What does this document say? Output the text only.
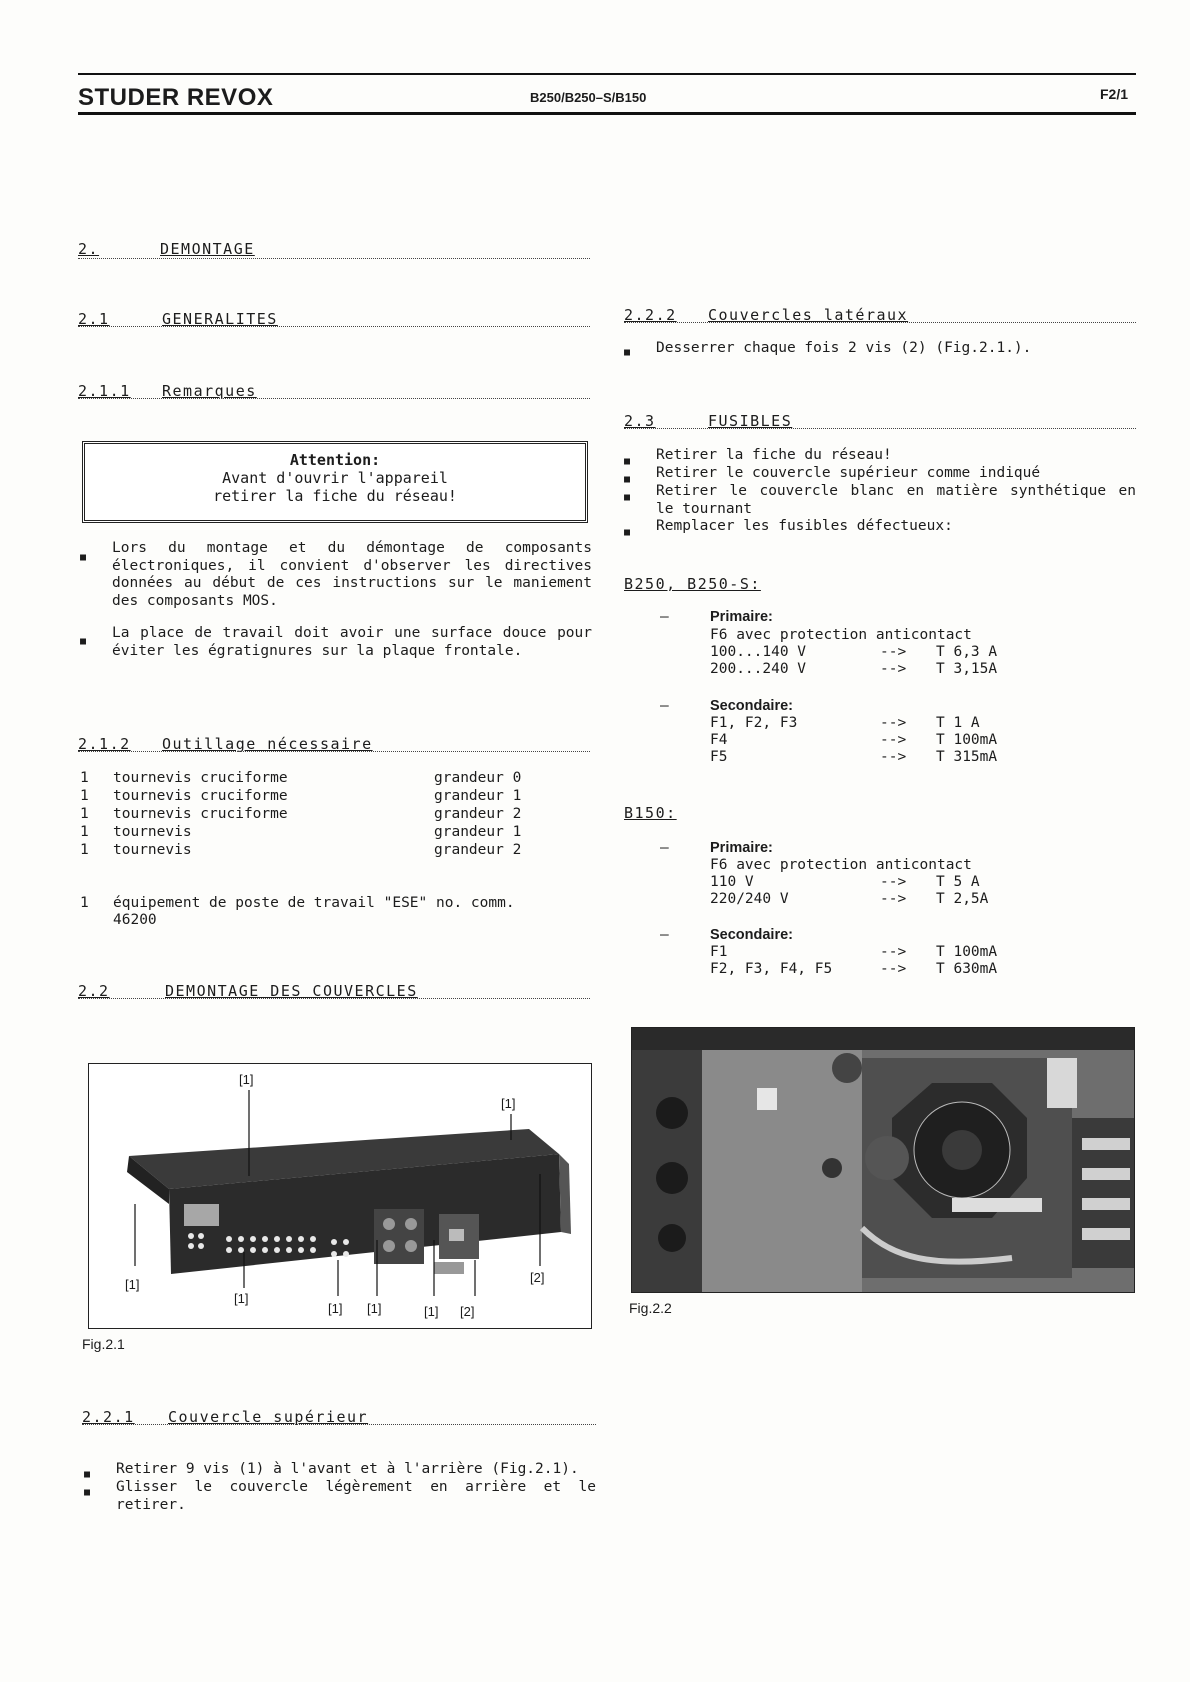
STUDER REVOX	B250/B250–S/B150	F2/1
2.	DEMONTAGE
2.1	GENERALITES
2.1.1 Remarques
Attention:
Avant d'ouvrir l'appareil
retirer la fiche du réseau!
■
Lors du montage et du démontage de composants électroniques, il convient d'observer les directives données au début de ces instructions sur le maniement des composants MOS.
■
La place de travail doit avoir une surface douce pour éviter les égratignures sur la plaque frontale.
2.1.2 Outillage nécessaire
1 tournevis cruciforme	grandeur 0
1 tournevis cruciforme	grandeur 1
1 tournevis cruciforme	grandeur 2
1 tournevis	grandeur 1
1 tournevis	grandeur 2
1 équipement de poste de travail "ESE" no. comm.
46200
2.2	DEMONTAGE DES COUVERCLES
[1]
[1]
[1]
[1]
[1] [1]	[1] [2]
[2]
Fig.2.1
2.2.1 Couvercle supérieur
■ Retirer 9 vis (1) à l'avant et à l'arrière (Fig.2.1).
■ Glisser le couvercle légèrement en arrière et le retirer.
2.2.2 Couvercles latéraux
■ Desserrer chaque fois 2 vis (2) (Fig.2.1.).
2.3	FUSIBLES
■ Retirer la fiche du réseau!
■ Retirer le couvercle supérieur comme indiqué
■ Retirer le couvercle blanc en matière synthétique en le tournant
■ Remplacer les fusibles défectueux:
B250, B250-S:
–	Primaire:
F6 avec protection anticontact
100...140 V	--> T 6,3 A
200...240 V	--> T 3,15A
–	Secondaire:
F1, F2, F3	--> T 1 A
F4	--> T 100mA
F5	--> T 315mA
B150:
–	Primaire:
F6 avec protection anticontact
110 V	--> T 5 A
220/240 V	--> T 2,5A
–	Secondaire:
F1	--> T 100mA
F2, F3, F4, F5	--> T 630mA
Fig.2.2
